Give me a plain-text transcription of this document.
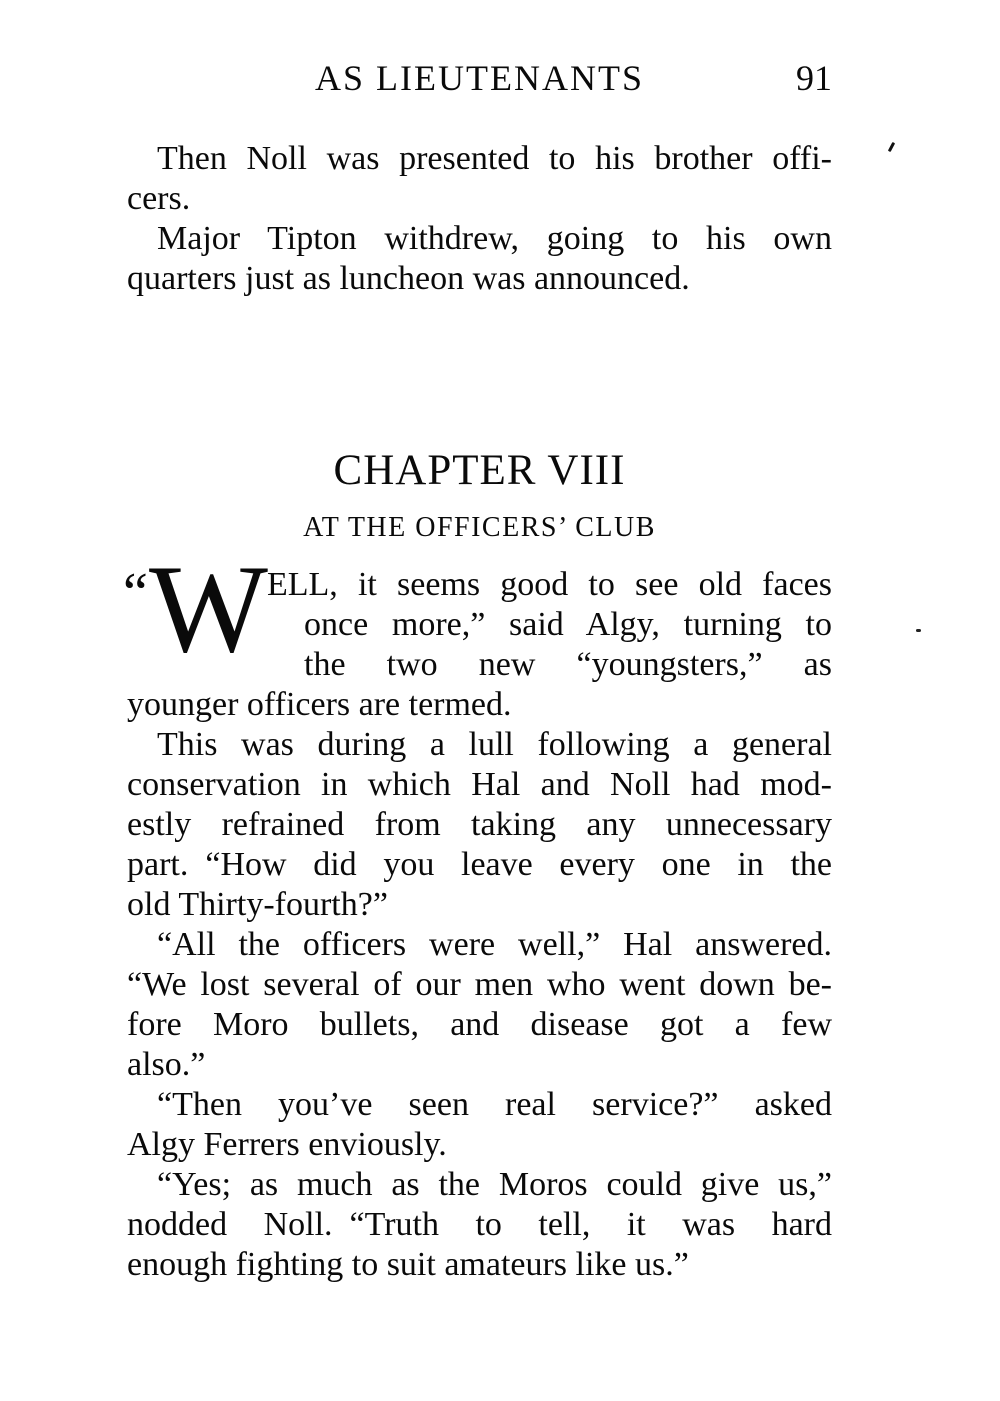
AS LIEUTENANTS	91
Then Noll was presented to his brother offi-
cers.
Major Tipton withdrew, going to his own
quarters just as luncheon was announced.
CHAPTER VIII
AT THE OFFICERS’ CLUB
“ W ELL, it seems good to see old faces
once more,” said Algy, turning to
the two new “youngsters,” as
younger officers are termed.
This was during a lull following a general
conservation in which Hal and Noll had mod-
estly refrained from taking any unnecessary
part. “How did you leave every one in the
old Thirty-fourth?”
“All the officers were well,” Hal answered.
“We lost several of our men who went down be-
fore Moro bullets, and disease got a few
also.”
“Then you’ve seen real service?” asked
Algy Ferrers enviously.
“Yes; as much as the Moros could give us,”
nodded Noll. “Truth to tell, it was hard
enough fighting to suit amateurs like us.”
